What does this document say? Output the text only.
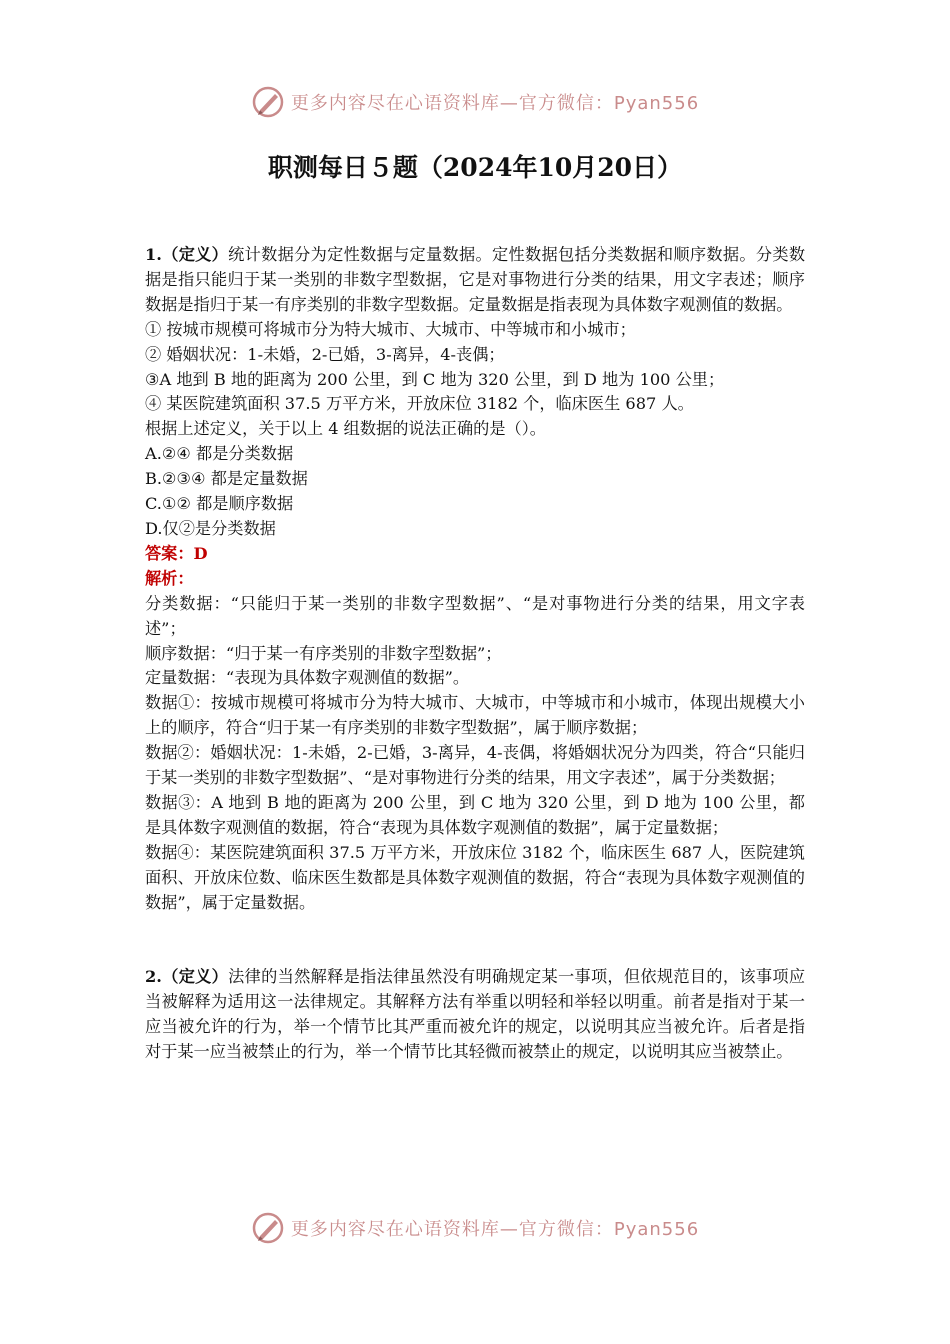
更多内容尽在心语资料库—官方微信：Pyan556
职测每日５题（2024年10月20日）

1.（定义）统计数据分为定性数据与定量数据。定性数据包括分类数据和顺序数据。分类数据是指只能归于某一类别的非数字型数据，它是对事物进行分类的结果，用文字表述；顺序数据是指归于某一有序类别的非数字型数据。定量数据是指表现为具体数字观测值的数据。

① 按城市规模可将城市分为特大城市、大城市、中等城市和小城市；

② 婚姻状况：1-未婚，2-已婚，3-离异，4-丧偶；

③A 地到 B 地的距离为 200 公里，到 C 地为 320 公里，到 D 地为 100 公里；

④ 某医院建筑面积 37.5 万平方米，开放床位 3182 个，临床医生 687 人。

根据上述定义，关于以上 4 组数据的说法正确的是（）。

A.②④ 都是分类数据

B.②③④ 都是定量数据

C.①② 都是顺序数据

D.仅②是分类数据

答案：D

解析：

分类数据：“只能归于某一类别的非数字型数据”、“是对事物进行分类的结果，用文字表述”；

顺序数据：“归于某一有序类别的非数字型数据”；

定量数据：“表现为具体数字观测值的数据”。

数据①：按城市规模可将城市分为特大城市、大城市，中等城市和小城市，体现出规模大小上的顺序，符合“归于某一有序类别的非数字型数据”，属于顺序数据；

数据②：婚姻状况：1-未婚，2-已婚，3-离异，4-丧偶，将婚姻状况分为四类，符合“只能归于某一类别的非数字型数据”、“是对事物进行分类的结果，用文字表述”，属于分类数据；

数据③：A 地到 B 地的距离为 200 公里，到 C 地为 320 公里，到 D 地为 100 公里，都是具体数字观测值的数据，符合“表现为具体数字观测值的数据”，属于定量数据；

数据④：某医院建筑面积 37.5 万平方米，开放床位 3182 个，临床医生 687 人，医院建筑面积、开放床位数、临床医生数都是具体数字观测值的数据，符合“表现为具体数字观测值的数据”，属于定量数据。

2.（定义）法律的当然解释是指法律虽然没有明确规定某一事项，但依规范目的，该事项应当被解释为适用这一法律规定。其解释方法有举重以明轻和举轻以明重。前者是指对于某一应当被允许的行为，举一个情节比其严重而被允许的规定，以说明其应当被允许。后者是指对于某一应当被禁止的行为，举一个情节比其轻微而被禁止的规定，以说明其应当被禁止。

更多内容尽在心语资料库—官方微信：Pyan556
